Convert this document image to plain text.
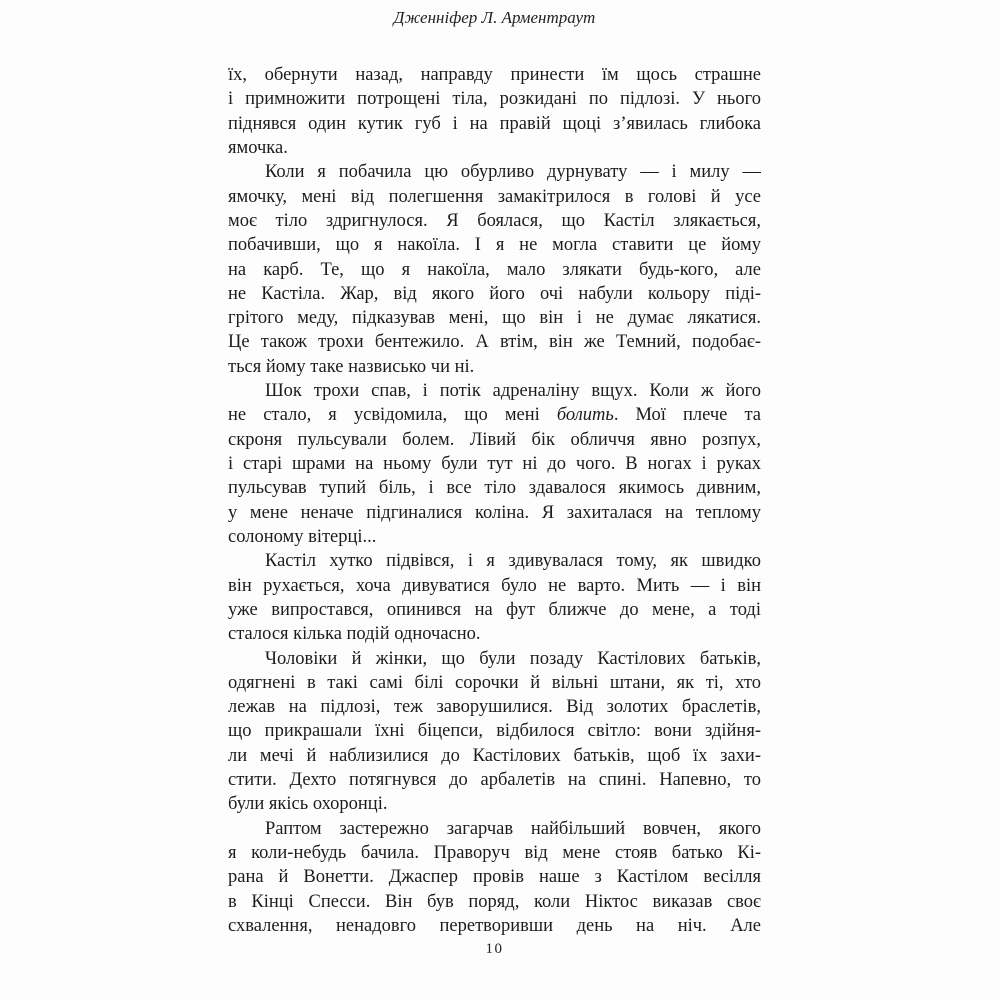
Дженніфер Л. Арментраут
їх, обернути назад, направду принести їм щось страшне
і примножити потрощені тіла, розкидані по підлозі. У нього
піднявся один кутик губ і на правій щоці з’явилась глибока
ямочка.
Коли я побачила цю обурливо дурнувату — і милу —
ямочку, мені від полегшення замакітрилося в голові й усе
моє тіло здригнулося. Я боялася, що Кастіл злякається,
побачивши, що я накоїла. І я не могла ставити це йому
на карб. Те, що я накоїла, мало злякати будь-кого, але
не Кастіла. Жар, від якого його очі набули кольору піді-
грітого меду, підказував мені, що він і не думає лякатися.
Це також трохи бентежило. А втім, він же Темний, подобає-
ться йому таке назвисько чи ні.
Шок трохи спав, і потік адреналіну вщух. Коли ж його
не стало, я усвідомила, що мені болить. Мої плече та
скроня пульсували болем. Лівий бік обличчя явно розпух,
і старі шрами на ньому були тут ні до чого. В ногах і руках
пульсував тупий біль, і все тіло здавалося якимось дивним,
у мене неначе підгиналися коліна. Я захиталася на теплому
солоному вітерці...
Кастіл хутко підвівся, і я здивувалася тому, як швидко
він рухається, хоча дивуватися було не варто. Мить — і він
уже випростався, опинився на фут ближче до мене, а тоді
сталося кілька подій одночасно.
Чоловіки й жінки, що були позаду Кастілових батьків,
одягнені в такі самі білі сорочки й вільні штани, як ті, хто
лежав на підлозі, теж заворушилися. Від золотих браслетів,
що прикрашали їхні біцепси, відбилося світло: вони здійня-
ли мечі й наблизилися до Кастілових батьків, щоб їх захи-
стити. Дехто потягнувся до арбалетів на спині. Напевно, то
були якісь охоронці.
Раптом застережно загарчав найбільший вовчен, якого
я коли-небудь бачила. Праворуч від мене стояв батько Кі-
рана й Вонетти. Джаспер провів наше з Кастілом весілля
в Кінці Спесси. Він був поряд, коли Ніктос виказав своє
схвалення, ненадовго перетворивши день на ніч. Але
10
